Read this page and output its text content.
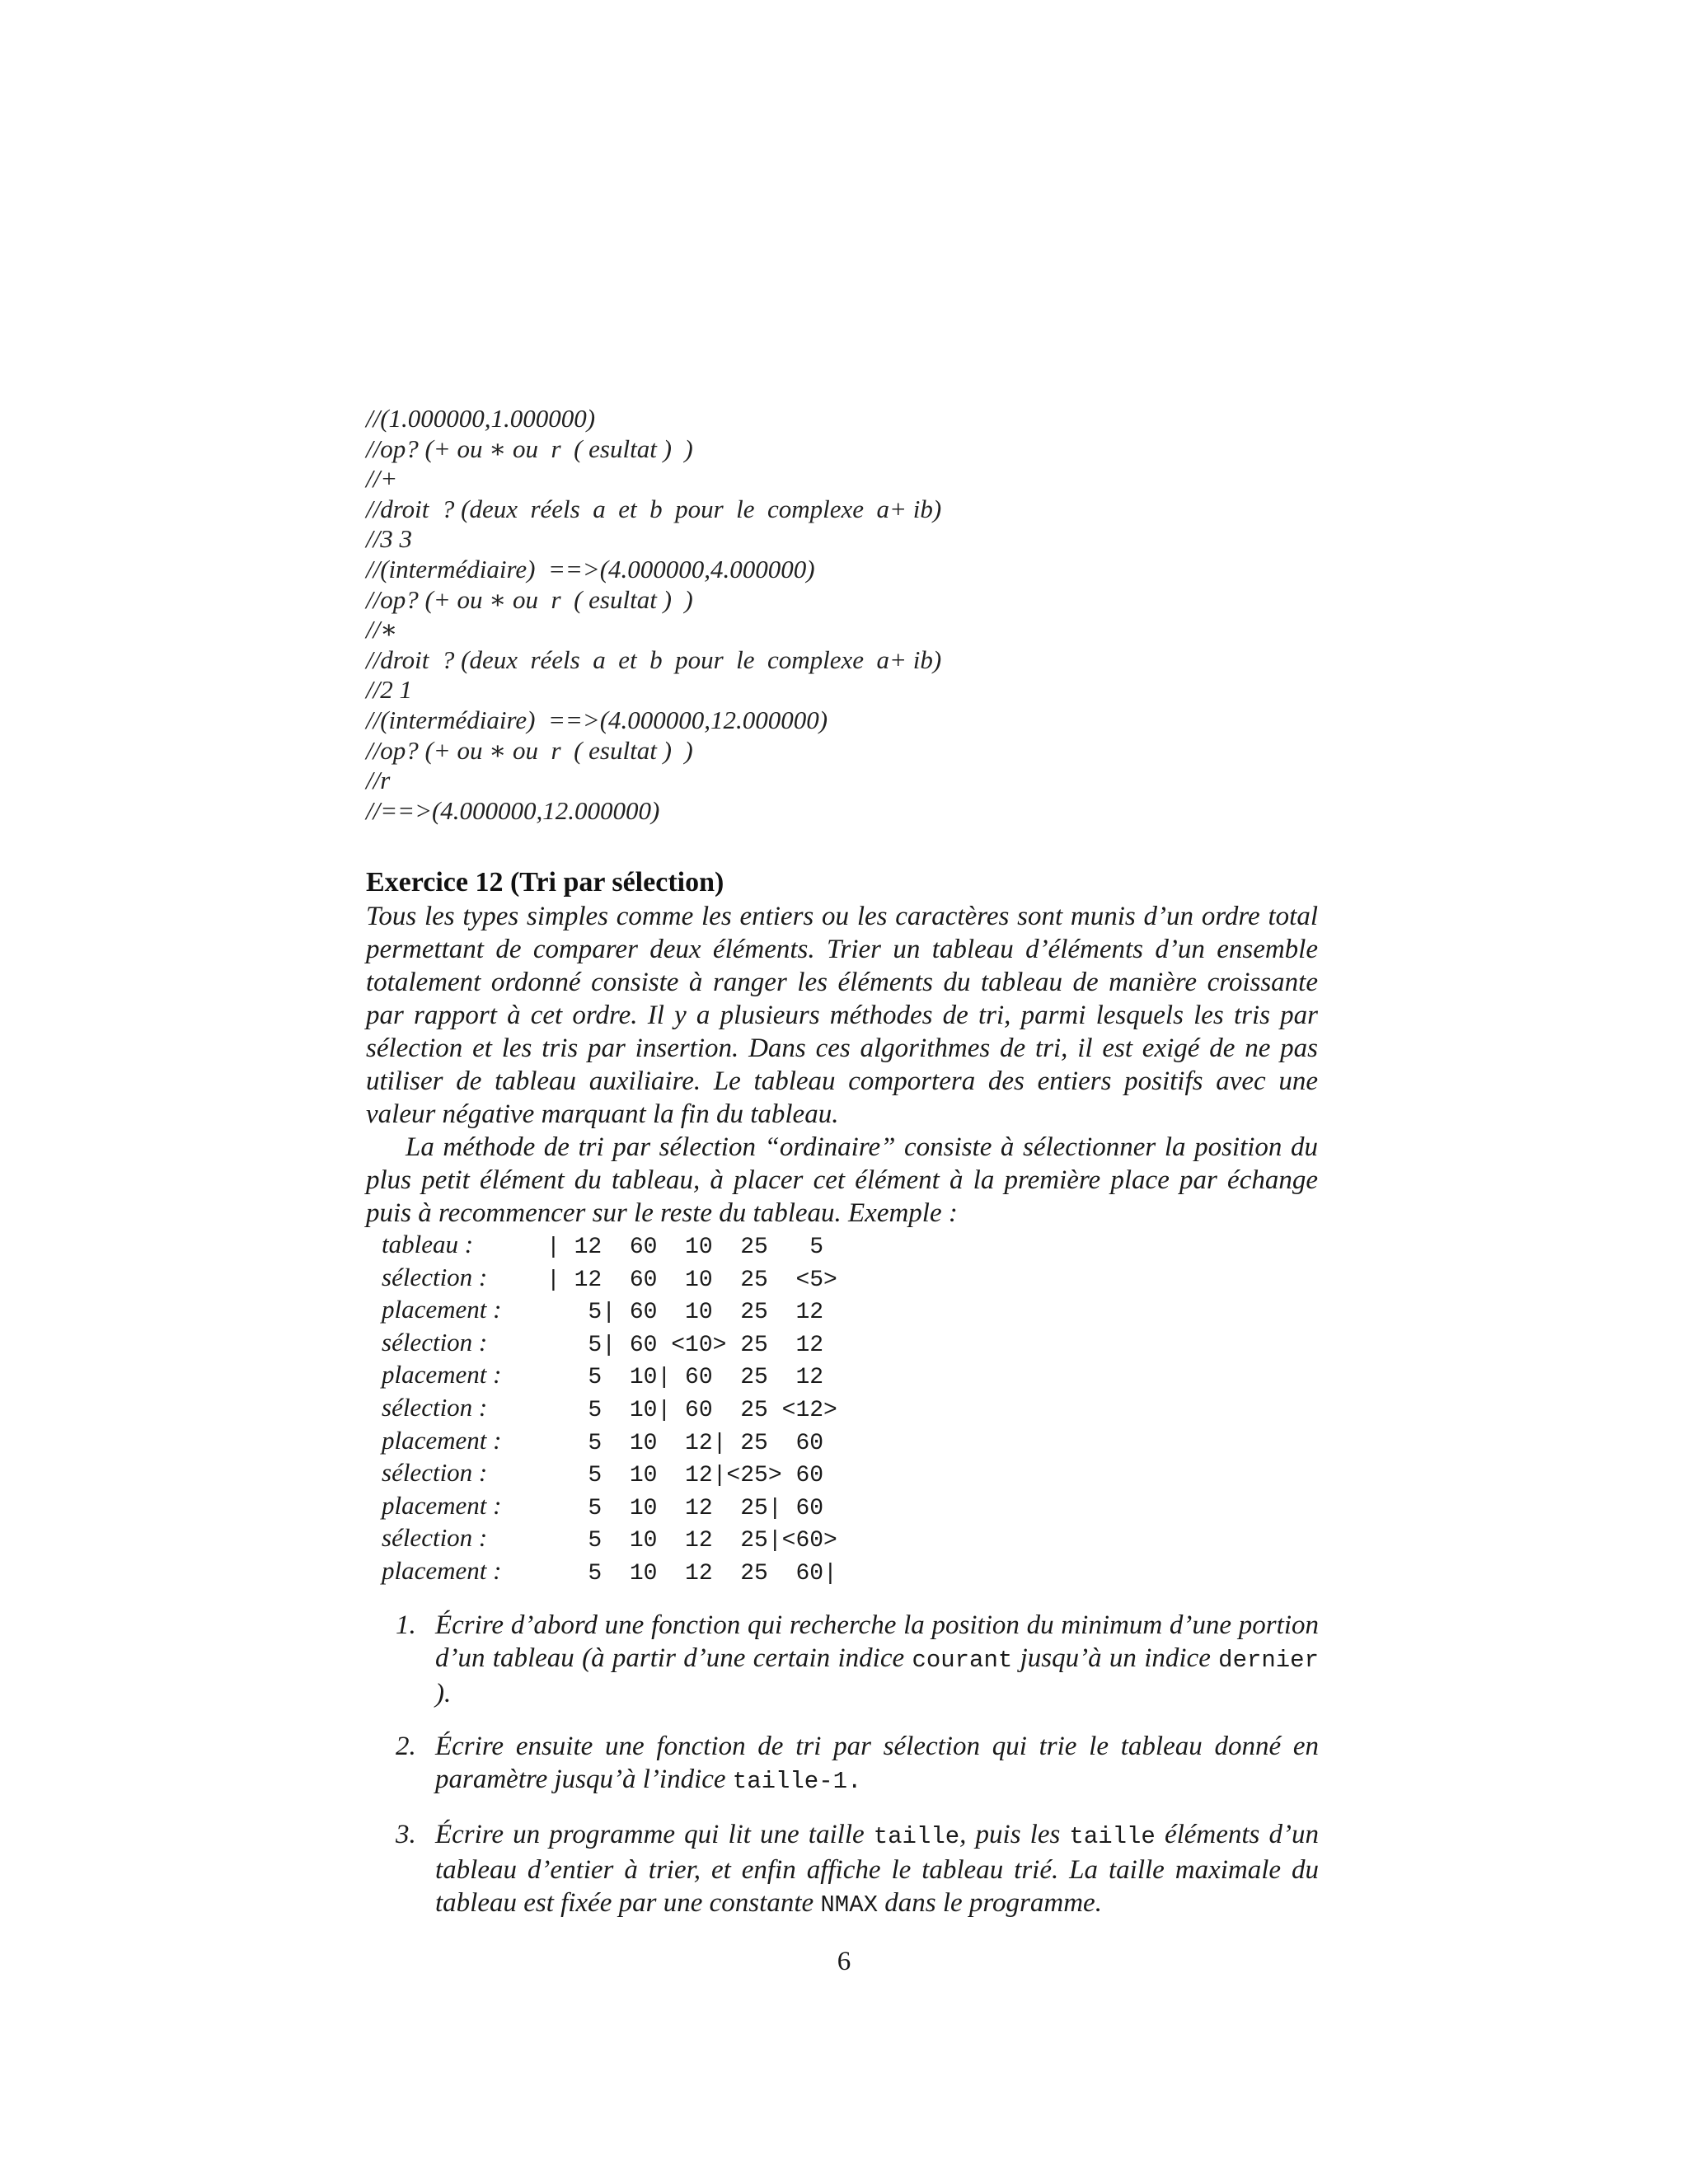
//(1.000000,1.000000)
//op? (+ ou ∗ ou  r  ( esultat )  )
//+
//droit  ? (deux  réels  a  et  b  pour  le  complexe  a+ ib)
//3 3
//(intermédiaire)  ==>(4.000000,4.000000)
//op? (+ ou ∗ ou  r  ( esultat )  )
//∗
//droit  ? (deux  réels  a  et  b  pour  le  complexe  a+ ib)
//2 1
//(intermédiaire)  ==>(4.000000,12.000000)
//op? (+ ou ∗ ou  r  ( esultat )  )
//r
//==>(4.000000,12.000000)
Exercice 12 (Tri par sélection)
Tous les types simples comme les entiers ou les caractères sont munis d’un ordre total permettant de comparer deux éléments. Trier un tableau d’éléments d’un ensemble totalement ordonné consiste à ranger les éléments du tableau de manière croissante par rapport à cet ordre. Il y a plusieurs méthodes de tri, parmi lesquels les tris par sélection et les tris par insertion. Dans ces algorithmes de tri, il est exigé de ne pas utiliser de tableau auxiliaire. Le tableau comportera des entiers positifs avec une valeur négative marquant la fin du tableau.
La méthode de tri par sélection “ordinaire” consiste à sélectionner la position du plus petit élément du tableau, à placer cet élément à la première place par échange puis à recommencer sur le reste du tableau. Exemple :
tableau :	| 12  60  10  25   5
sélection :	| 12  60  10  25  <5>
placement :   5| 60  10  25  12
sélection :	5| 60 <10> 25  12
placement :   5  10| 60  25  12
sélection :	5  10| 60  25 <12>
placement :   5  10  12| 25  60
sélection :	5  10  12|<25> 60
placement :   5  10  12  25| 60
sélection :	5  10  12  25|<60>
placement :   5  10  12  25  60|
1. Écrire d’abord une fonction qui recherche la position du minimum d’une portion d’un tableau (à partir d’une certain indice courant jusqu’à un indice dernier ).
2. Écrire ensuite une fonction de tri par sélection qui trie le tableau donné en paramètre jusqu’à l’indice taille-1.
3. Écrire un programme qui lit une taille taille, puis les taille éléments d’un tableau d’entier à trier, et enfin affiche le tableau trié. La taille maximale du tableau est fixée par une constante NMAX dans le programme.
6
